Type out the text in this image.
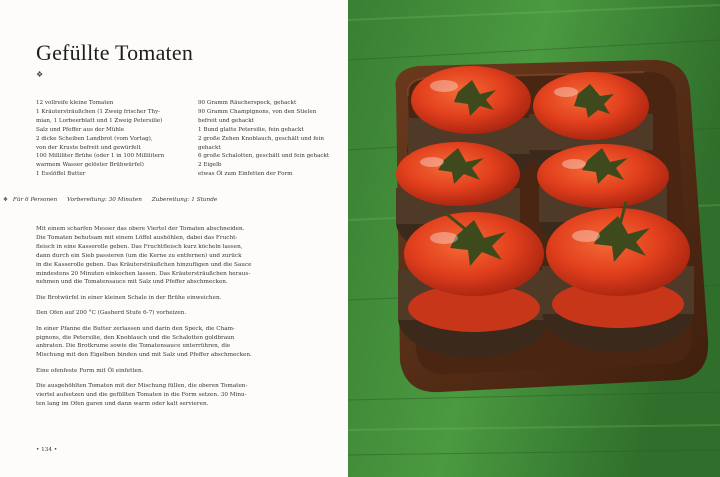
Gefüllte Tomaten
❖
12 vollreife kleine Tomaten
1 Kräutersträußchen (1 Zweig frischer Thy-
mian, 1 Lorbeerblatt und 1 Zweig Petersilie)
Salz und Pfeffer aus der Mühle
2 dicke Scheiben Landbrot (vom Vortag),
von der Kruste befreit und gewürfelt
100 Milliliter Brühe (oder 1 in 100 Millilitern
warmem Wasser gelöster Brühwürfel)
1 Esslöffel Butter
90 Gramm Räucherspeck, gehackt
90 Gramm Champignons, von den Stielen
befreit und gehackt
1 Bund glatte Petersilie, fein gehackt
2 große Zehen Knoblauch, geschält und fein
gehackt
6 große Schalotten, geschält und fein gehackt
2 Eigelb
etwas Öl zum Einfetten der Form
❖ Für 6 Personen Vorbereitung: 30 Minuten Zubereitung: 1 Stunde

Mit einem scharfen Messer das obere Viertel der Tomaten abschneiden.
Die Tomaten behutsam mit einem Löffel aushöhlen, dabei das Frucht-
fleisch in eine Kasserolle geben. Das Fruchtfleisch kurz köcheln lassen,
dann durch ein Sieb passieren (um die Kerne zu entfernen) und zurück
in die Kasserolle geben. Das Kräutersträußchen hinzufügen und die Sauce
mindestens 20 Minuten einkochen lassen. Das Kräutersträußchen heraus-
nehmen und die Tomatensauce mit Salz und Pfeffer abschmecken.

Die Brotwürfel in einer kleinen Schale in der Brühe einweichen.

Den Ofen auf 200 °C (Gasherd Stufe 6-7) vorheizen.

In einer Pfanne die Butter zerlassen und darin den Speck, die Cham-
pignons, die Petersilie, den Knoblauch und die Schalotten goldbraun
anbraten. Die Brotkrume sowie die Tomatensauce unterrühren, die
Mischung mit den Eigelben binden und mit Salz und Pfeffer abschmecken.

Eine ofenfeste Form mit Öl einfetten.

Die ausgehöhlten Tomaten mit der Mischung füllen, die oberen Tomaten-
viertel aufsetzen und die gefüllten Tomaten in die Form setzen. 30 Minu-
ten lang im Ofen garen und dann warm oder kalt servieren.

• 134 •
